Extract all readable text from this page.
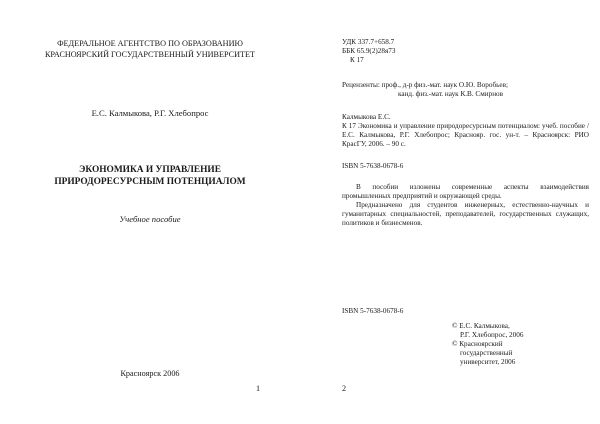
ФЕДЕРАЛЬНОЕ АГЕНТСТВО ПО ОБРАЗОВАНИЮ
КРАСНОЯРСКИЙ ГОСУДАРСТВЕННЫЙ УНИВЕРСИТЕТ
Е.С. Калмыкова, Р.Г. Хлебопрос
ЭКОНОМИКА И УПРАВЛЕНИЕ
ПРИРОДОРЕСУРСНЫМ ПОТЕНЦИАЛОМ
Учебное пособие
Красноярск 2006
1
УДК 337.7+658.7
ББК 65.9(2)28я73
К 17
Рецензенты: проф., д-р физ.-мат. наук О.Ю. Воробьев;
канд. физ.-мат. наук К.В. Смирнов
Калмыкова Е.С.
К 17 Экономика и управление природоресурсным потенциалом: учеб. пособие / Е.С. Калмыкова, Р.Г. Хлебопрос; Краснояр. гос. ун-т. – Красноярск: РИО КрасГУ, 2006. – 90 с.
ISBN 5-7638-0678-6

В пособии изложены современные аспекты взаимодействия промышленных предприятий и окружающей среды.

Предназначено для студентов инженерных, естественно-научных и гуманитарных специальностей, преподавателей, государственных служащих, политиков и бизнесменов.

ISBN 5-7638-0678-6
© Е.С. Калмыкова,
Р.Г. Хлебопрос, 2006
© Красноярский
государственный
университет, 2006
2
